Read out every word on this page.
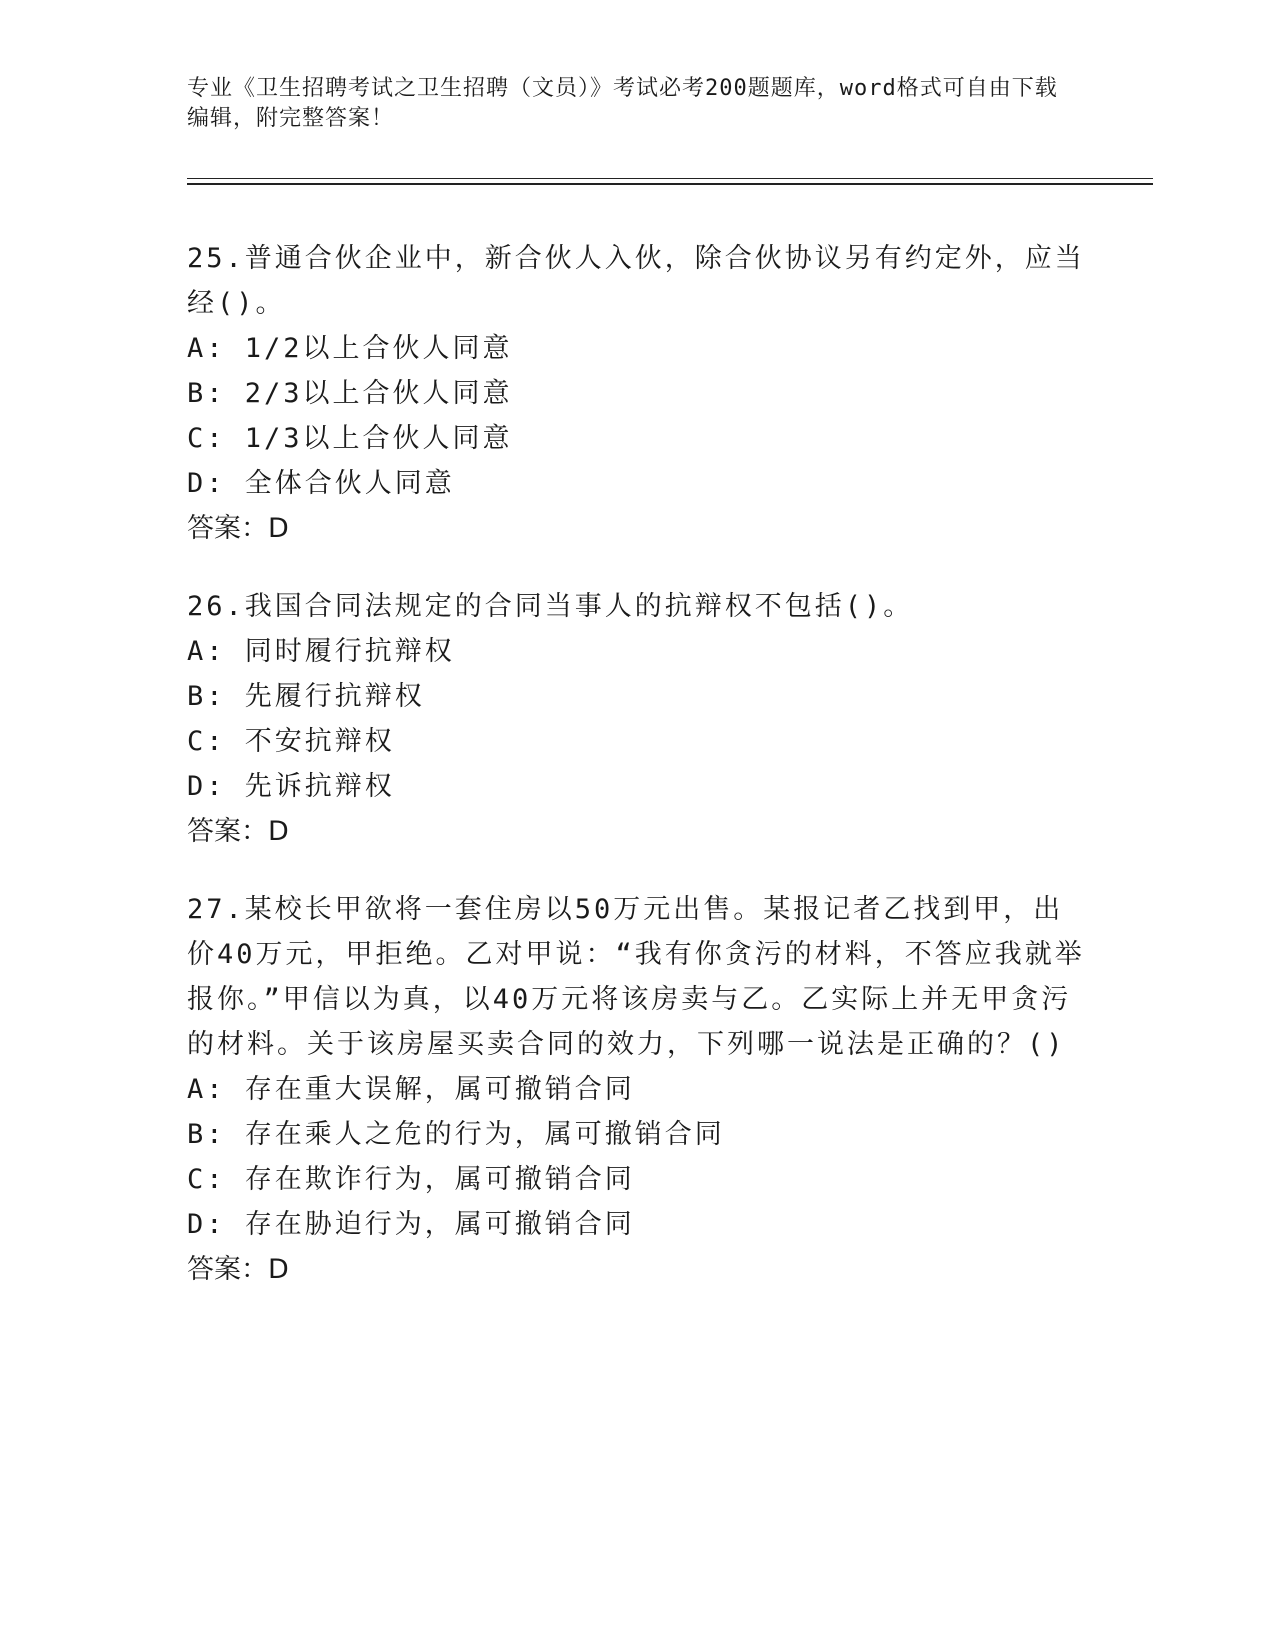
专业《卫生招聘考试之卫生招聘（文员）》考试必考200题题库，word格式可自由下载编辑，附完整答案！

25.普通合伙企业中，新合伙人入伙，除合伙协议另有约定外，应当经()。

A: 1/2以上合伙人同意

B: 2/3以上合伙人同意

C: 1/3以上合伙人同意

D: 全体合伙人同意

答案：D

26.我国合同法规定的合同当事人的抗辩权不包括()。

A: 同时履行抗辩权

B: 先履行抗辩权

C: 不安抗辩权

D: 先诉抗辩权

答案：D

27.某校长甲欲将一套住房以50万元出售。某报记者乙找到甲，出价40万元，甲拒绝。乙对甲说：“我有你贪污的材料，不答应我就举报你。”甲信以为真，以40万元将该房卖与乙。乙实际上并无甲贪污的材料。关于该房屋买卖合同的效力，下列哪一说法是正确的？()

A: 存在重大误解，属可撤销合同

B: 存在乘人之危的行为，属可撤销合同

C: 存在欺诈行为，属可撤销合同

D: 存在胁迫行为，属可撤销合同

答案：D
